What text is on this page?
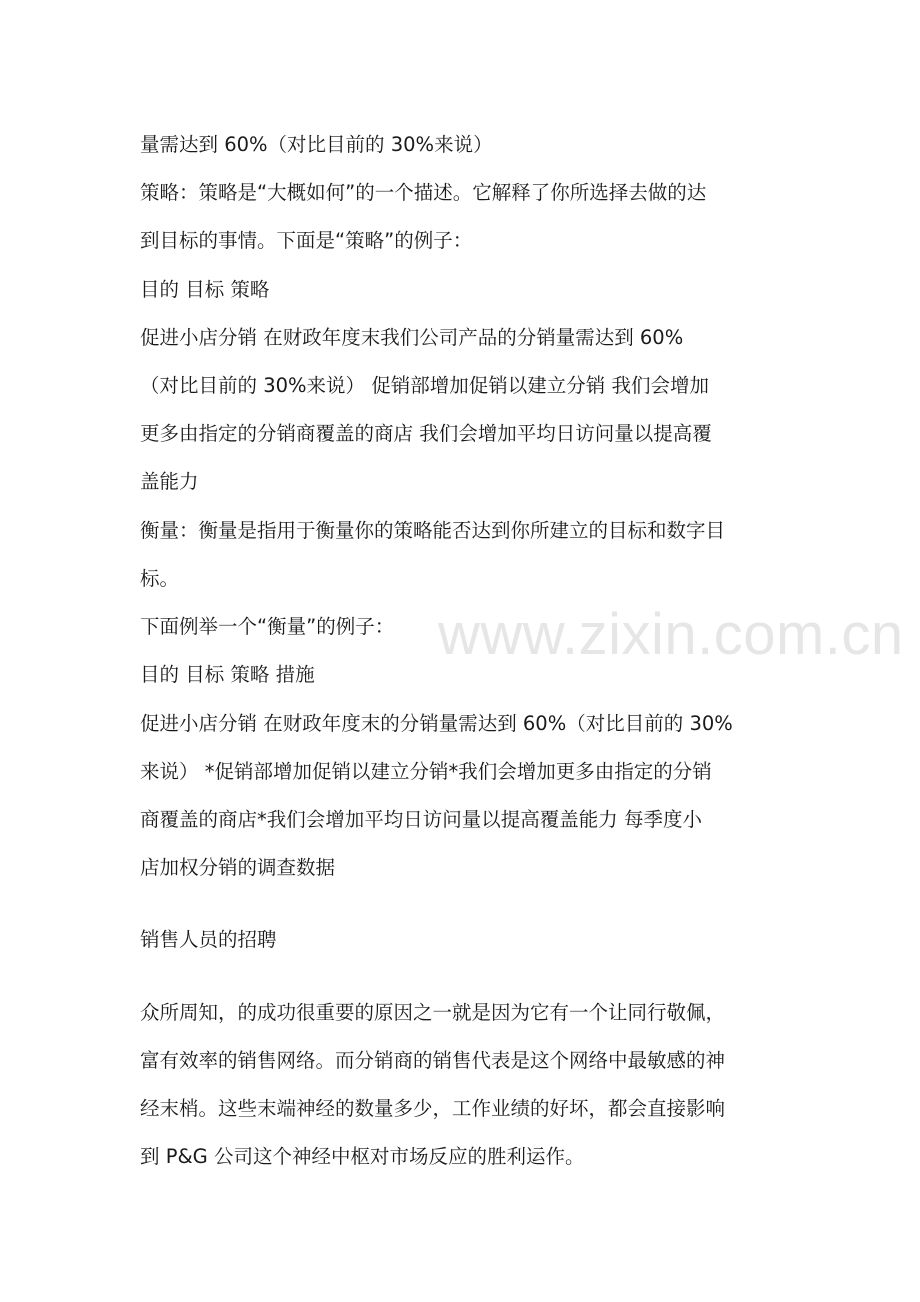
www.zixin.com.cn
量需达到 60%（对比目前的 30%来说）
策略：策略是“大概如何”的一个描述。它解释了你所选择去做的达
到目标的事情。下面是“策略”的例子：
目的 目标 策略
促进小店分销 在财政年度末我们公司产品的分销量需达到 60%
（对比目前的 30%来说） 促销部增加促销以建立分销 我们会增加
更多由指定的分销商覆盖的商店 我们会增加平均日访问量以提高覆
盖能力
衡量：衡量是指用于衡量你的策略能否达到你所建立的目标和数字目
标。
下面例举一个“衡量”的例子：
目的 目标 策略 措施
促进小店分销 在财政年度末的分销量需达到 60%（对比目前的 30%
来说） *促销部增加促销以建立分销*我们会增加更多由指定的分销
商覆盖的商店*我们会增加平均日访问量以提高覆盖能力 每季度小
店加权分销的调查数据
销售人员的招聘
众所周知，的成功很重要的原因之一就是因为它有一个让同行敬佩，
富有效率的销售网络。而分销商的销售代表是这个网络中最敏感的神
经末梢。这些末端神经的数量多少，工作业绩的好坏，都会直接影响
到 P&G 公司这个神经中枢对市场反应的胜利运作。
